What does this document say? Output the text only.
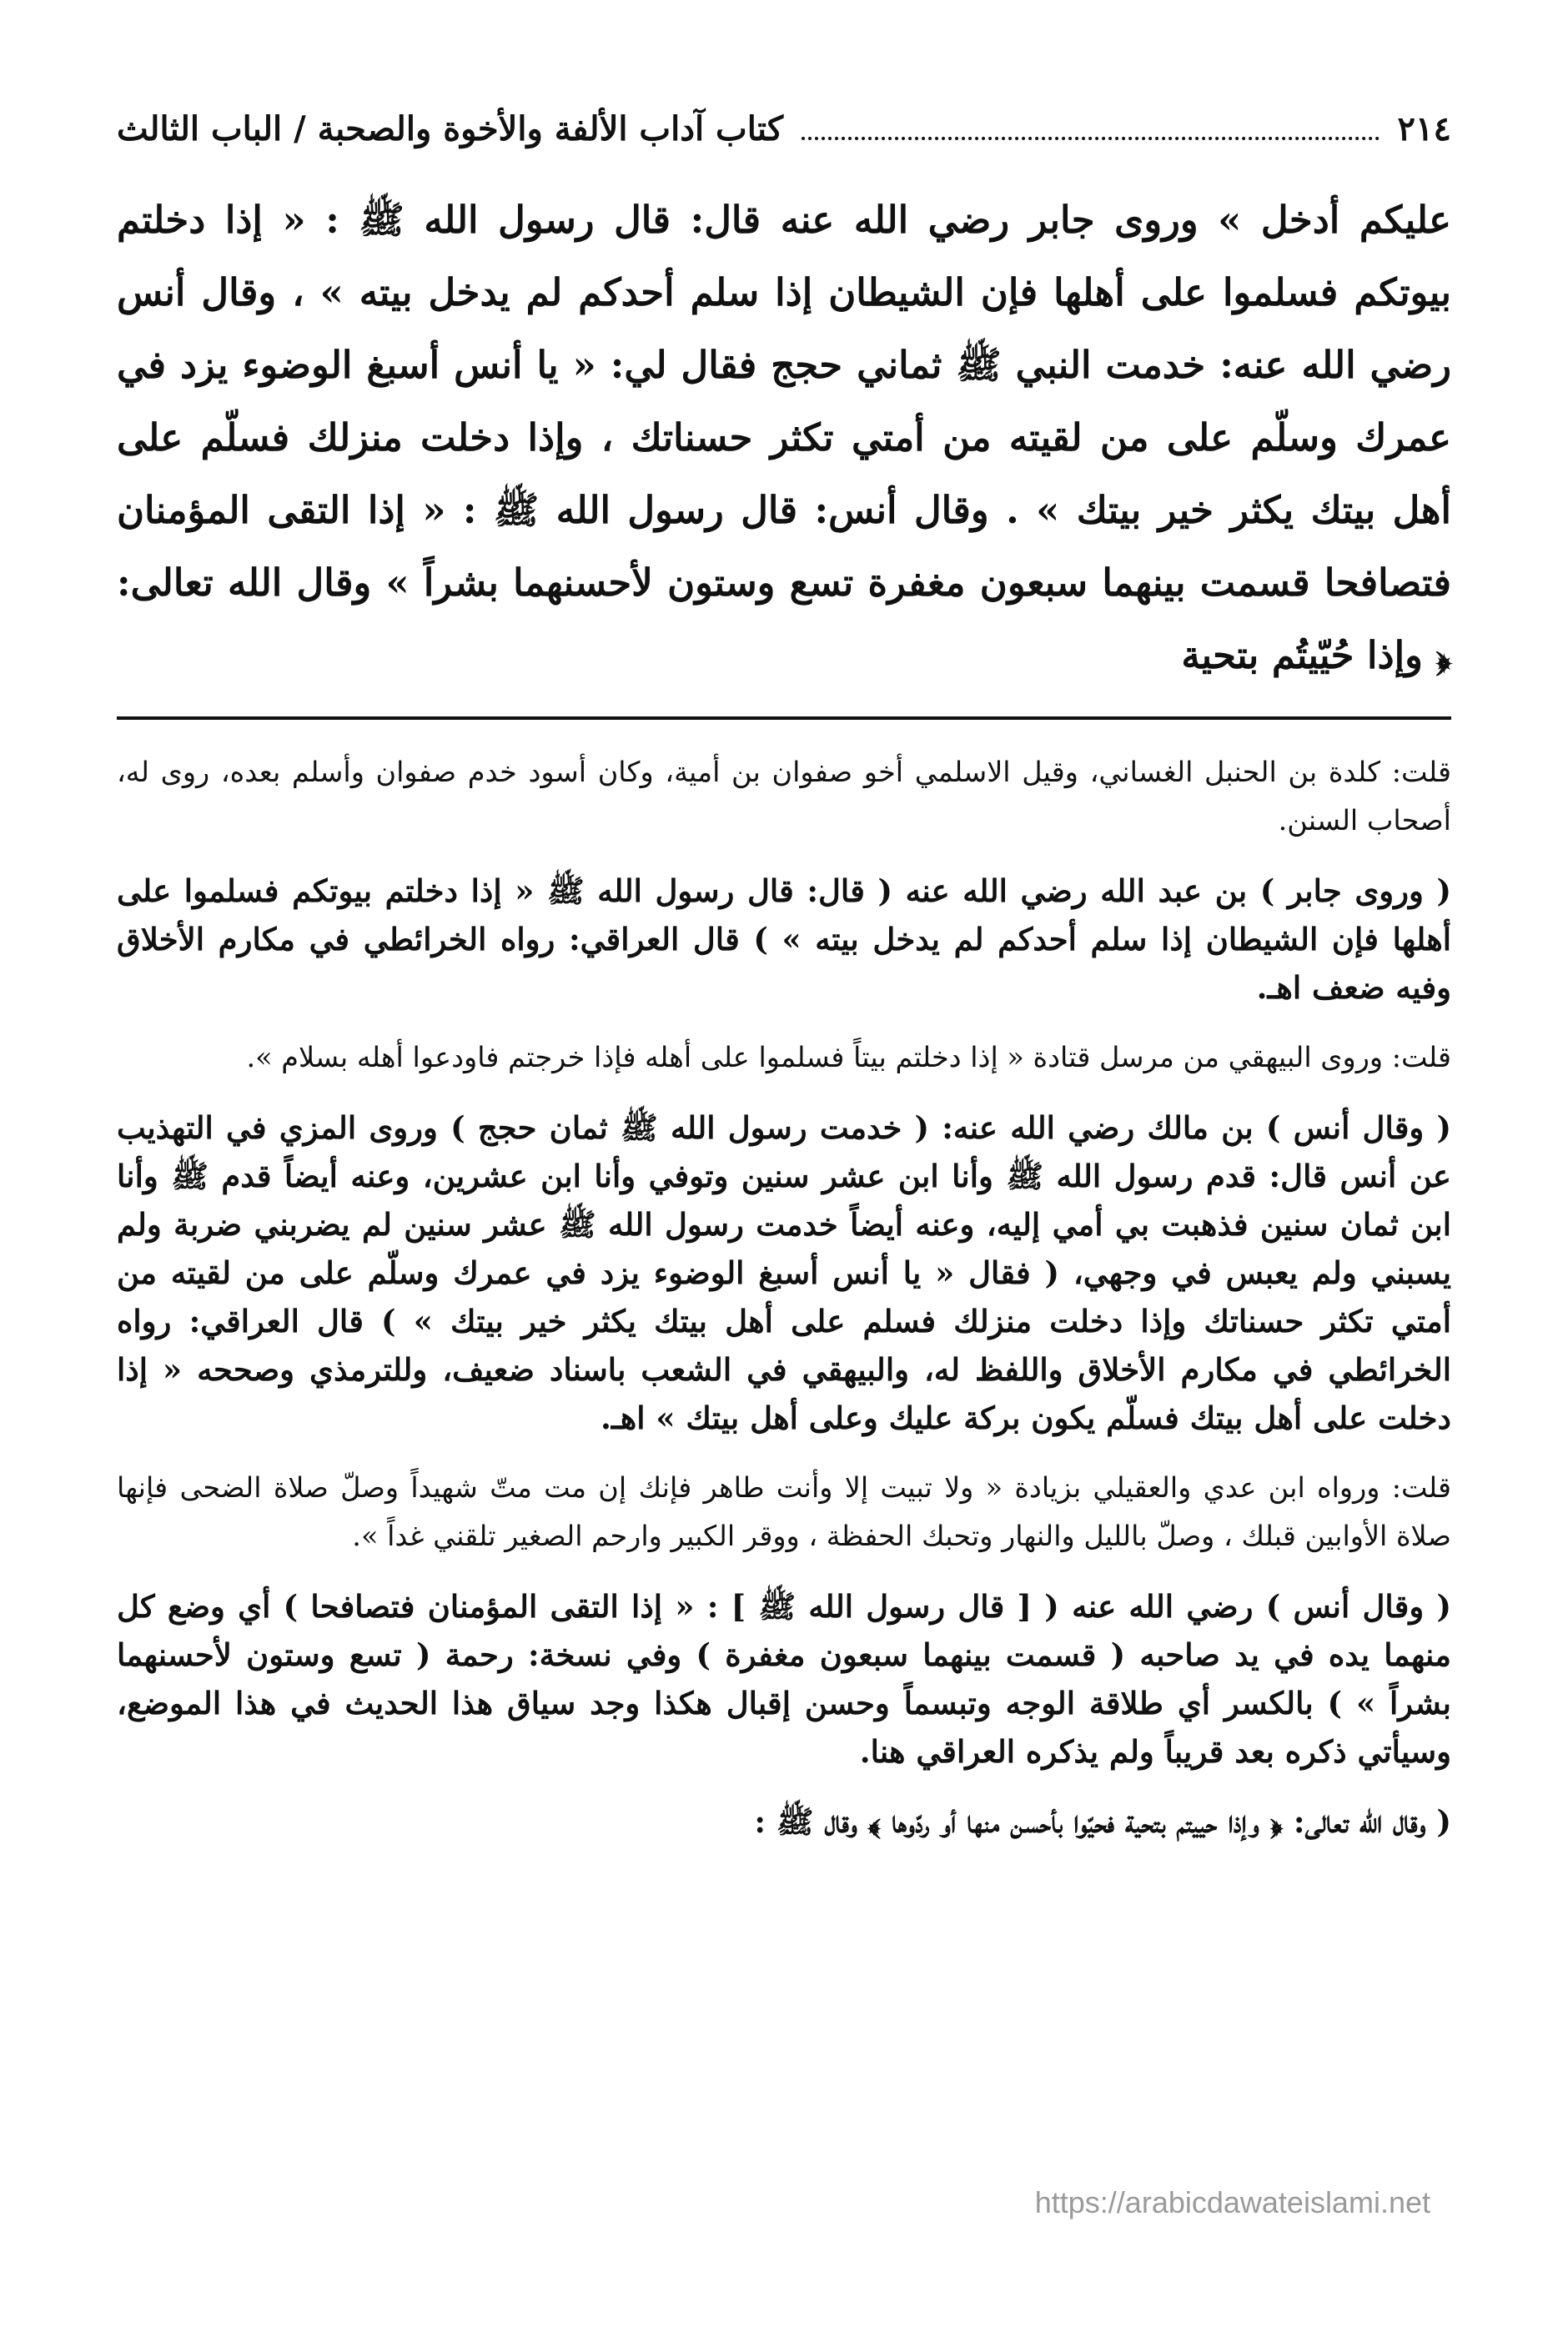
٢١٤
كتاب آداب الألفة والأخوة والصحبة / الباب الثالث

عليكم أدخل » وروى جابر رضي الله عنه قال: قال رسول الله ﷺ : « إذا دخلتم بيوتكم فسلموا على أهلها فإن الشيطان إذا سلم أحدكم لم يدخل بيته » ، وقال أنس رضي الله عنه: خدمت النبي ﷺ ثماني حجج فقال لي: « يا أنس أسبغ الوضوء يزد في عمرك وسلّم على من لقيته من أمتي تكثر حسناتك ، وإذا دخلت منزلك فسلّم على أهل بيتك يكثر خير بيتك » . وقال أنس: قال رسول الله ﷺ : « إذا التقى المؤمنان فتصافحا قسمت بينهما سبعون مغفرة تسع وستون لأحسنهما بشراً » وقال الله تعالى: ﴿ وإذا حُيّيتُم بتحية

قلت: كلدة بن الحنبل الغساني، وقيل الاسلمي أخو صفوان بن أمية، وكان أسود خدم صفوان وأسلم بعده، روى له، أصحاب السنن.

( وروى جابر ) بن عبد الله رضي الله عنه ( قال: قال رسول الله ﷺ « إذا دخلتم بيوتكم فسلموا على أهلها فإن الشيطان إذا سلم أحدكم لم يدخل بيته » ) قال العراقي: رواه الخرائطي في مكارم الأخلاق وفيه ضعف اهـ.

قلت: وروى البيهقي من مرسل قتادة « إذا دخلتم بيتاً فسلموا على أهله فإذا خرجتم فاودعوا أهله بسلام ».

( وقال أنس ) بن مالك رضي الله عنه: ( خدمت رسول الله ﷺ ثمان حجج ) وروى المزي في التهذيب عن أنس قال: قدم رسول الله ﷺ وأنا ابن عشر سنين وتوفي وأنا ابن عشرين، وعنه أيضاً قدم ﷺ وأنا ابن ثمان سنين فذهبت بي أمي إليه، وعنه أيضاً خدمت رسول الله ﷺ عشر سنين لم يضربني ضربة ولم يسبني ولم يعبس في وجهي، ( فقال « يا أنس أسبغ الوضوء يزد في عمرك وسلّم على من لقيته من أمتي تكثر حسناتك وإذا دخلت منزلك فسلم على أهل بيتك يكثر خير بيتك » ) قال العراقي: رواه الخرائطي في مكارم الأخلاق واللفظ له، والبيهقي في الشعب باسناد ضعيف، وللترمذي وصححه « إذا دخلت على أهل بيتك فسلّم يكون بركة عليك وعلى أهل بيتك » اهـ.

قلت: ورواه ابن عدي والعقيلي بزيادة « ولا تبيت إلا وأنت طاهر فإنك إن مت متّ شهيداً وصلّ صلاة الضحى فإنها صلاة الأوابين قبلك ، وصلّ بالليل والنهار وتحبك الحفظة ، ووقر الكبير وارحم الصغير تلقني غداً ».

( وقال أنس ) رضي الله عنه ( [ قال رسول الله ﷺ ] : « إذا التقى المؤمنان فتصافحا ) أي وضع كل منهما يده في يد صاحبه ( قسمت بينهما سبعون مغفرة ) وفي نسخة: رحمة ( تسع وستون لأحسنهما بشراً » ) بالكسر أي طلاقة الوجه وتبسماً وحسن إقبال هكذا وجد سياق هذا الحديث في هذا الموضع، وسيأتي ذكره بعد قريباً ولم يذكره العراقي هنا.

( وقال الله تعالى: ﴿ وإذا حييتم بتحية فحيّوا بأحسن منها أو ردّوها ﴾ وقال ﷺ :

https://arabicdawateislami.net
